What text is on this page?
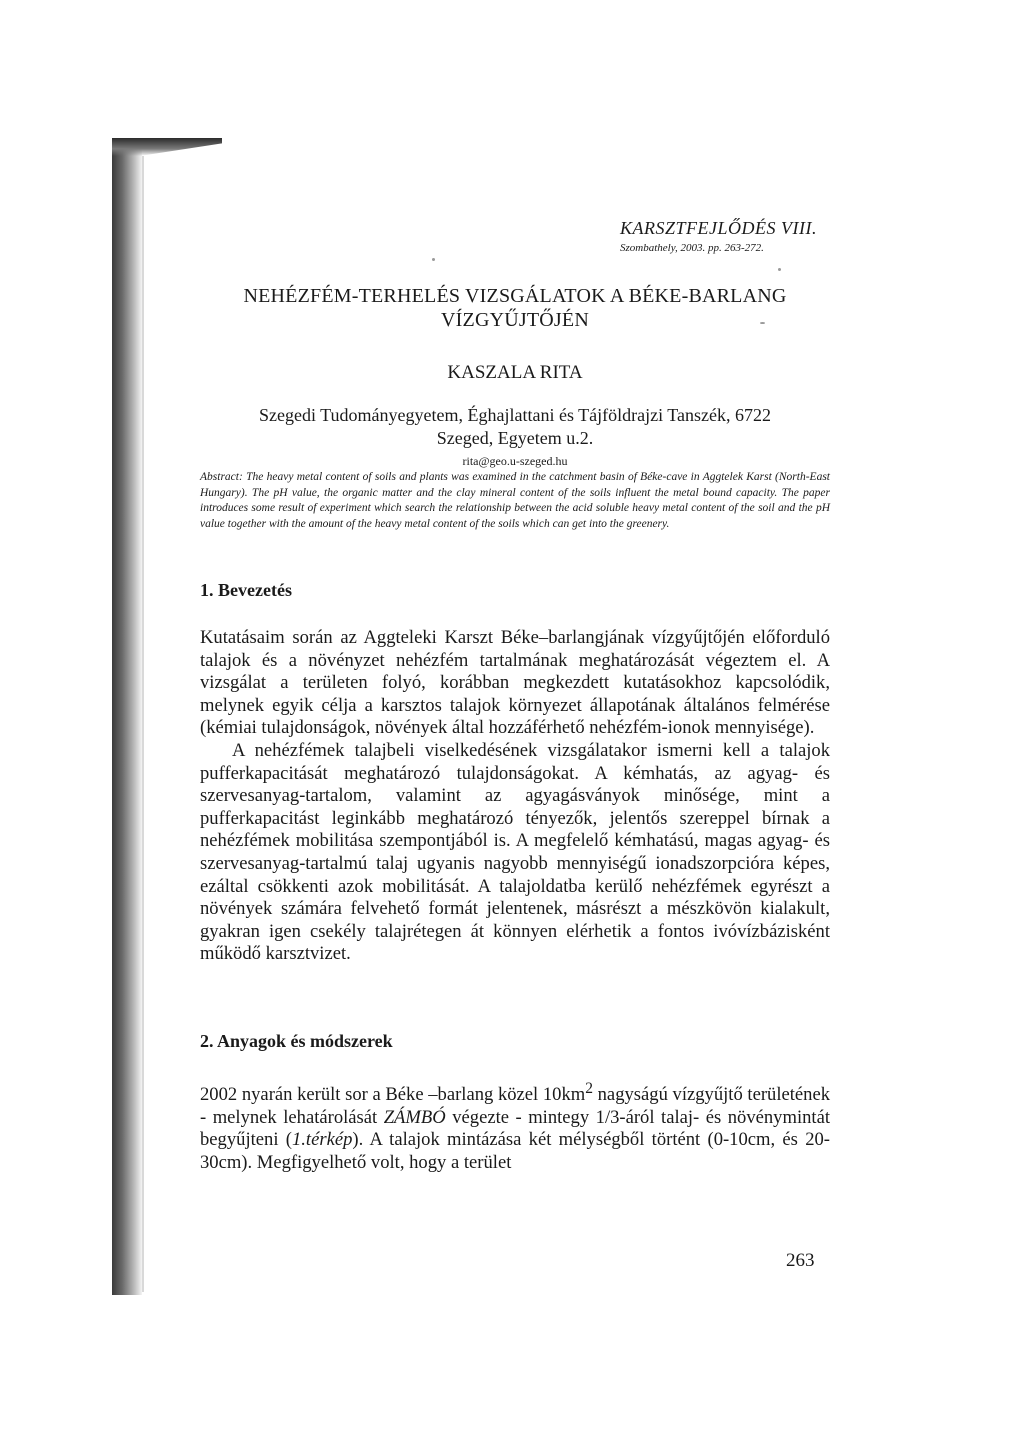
KARSZTFEJLŐDÉS VIII.
Szombathely, 2003. pp. 263-272.
NEHÉZFÉM-TERHELÉS VIZSGÁLATOK A BÉKE-BARLANG
VÍZGYŰJTŐJÉN
KASZALA RITA
Szegedi Tudományegyetem, Éghajlattani és Tájföldrajzi Tanszék, 6722
Szeged, Egyetem u.2.
rita@geo.u-szeged.hu
Abstract: The heavy metal content of soils and plants was examined in the catchment basin of Béke-cave in Aggtelek Karst (North-East Hungary). The pH value, the organic matter and the clay mineral content of the soils influent the metal bound capacity. The paper introduces some result of experiment which search the relationship between the acid soluble heavy metal content of the soil and the pH value together with the amount of the heavy metal content of the soils which can get into the greenery.
1. Bevezetés
Kutatásaim során az Aggteleki Karszt Béke–barlangjának vízgyűjtőjén előforduló talajok és a növényzet nehézfém tartalmának meghatározását végeztem el. A vizsgálat a területen folyó, korábban megkezdett kutatásokhoz kapcsolódik, melynek egyik célja a karsztos talajok környezet állapotának általános felmérése (kémiai tulajdonságok, növények által hozzáférhető nehézfém-ionok mennyisége).
A nehézfémek talajbeli viselkedésének vizsgálatakor ismerni kell a talajok pufferkapacitását meghatározó tulajdonságokat. A kémhatás, az agyag- és szervesanyag-tartalom, valamint az agyagásványok minősége, mint a pufferkapacitást leginkább meghatározó tényezők, jelentős szereppel bírnak a nehézfémek mobilitása szempontjából is. A megfelelő kémhatású, magas agyag- és szervesanyag-tartalmú talaj ugyanis nagyobb mennyiségű ionadszorpcióra képes, ezáltal csökkenti azok mobilitását. A talajoldatba kerülő nehézfémek egyrészt a növények számára felvehető formát jelentenek, másrészt a mészkövön kialakult, gyakran igen csekély talajrétegen át könnyen elérhetik a fontos ivóvízbázisként működő karsztvizet.
2. Anyagok és módszerek
2002 nyarán került sor a Béke –barlang közel $10km^2$ nagyságú vízgyűjtő területének - melynek lehatárolását ZÁMBÓ végezte - mintegy 1/3-áról talaj- és növénymintát begyűjteni (1.térkép). A talajok mintázása két mélységből történt (0-10cm, és 20-30cm). Megfigyelhető volt, hogy a terület
263
